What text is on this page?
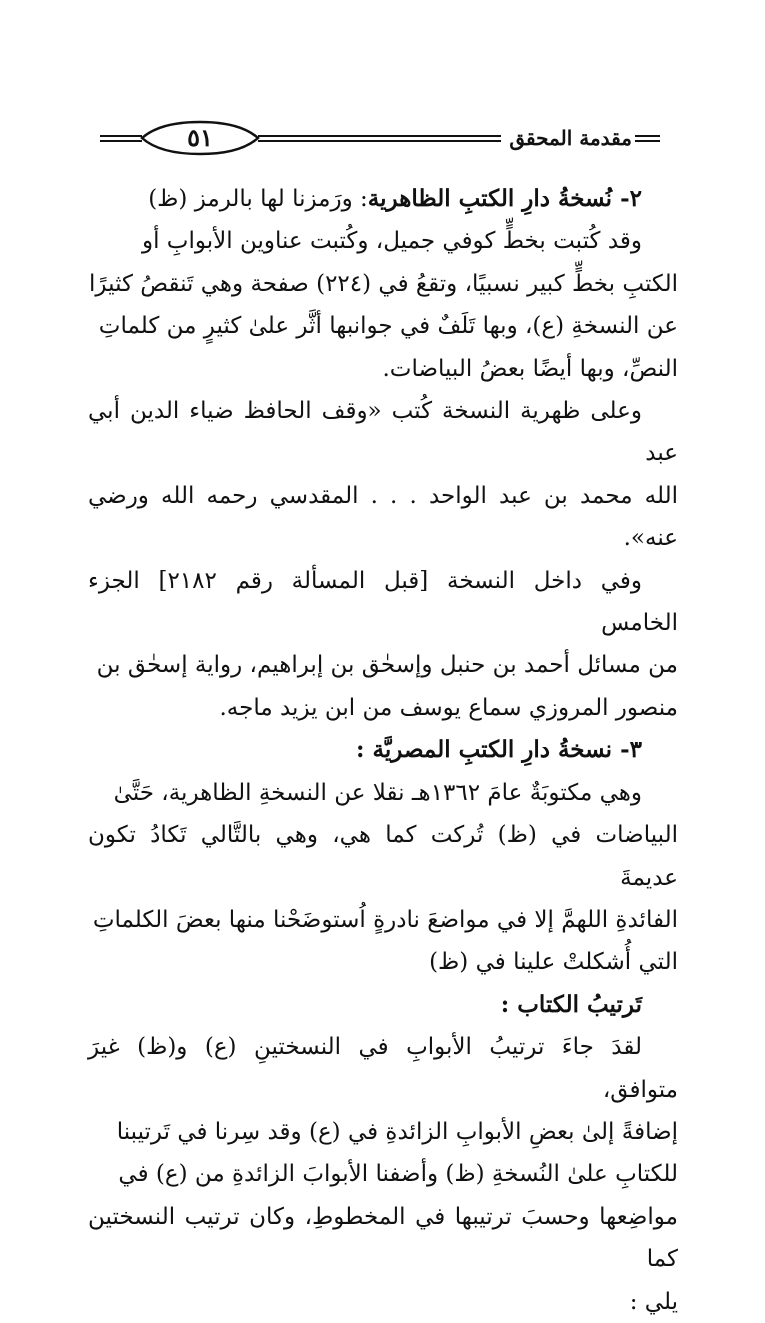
٥١	مقدمة المحقق

٢- نُسخةُ دارِ الكتبِ الظاهرية: ورَمزنا لها بالرمز (ظ)

وقد كُتبت بخطٍّ كوفي جميل، وكُتبت عناوين الأبوابِ أو
الكتبِ بخطٍّ كبير نسبيًا، وتقعُ في (٢٢٤) صفحة وهي تَنقصُ كثيرًا
عن النسخةِ (ع)، وبها تَلَفٌ في جوانبها أثَّر علىٰ كثيرٍ من كلماتِ
النصِّ، وبها أيضًا بعضُ البياضات.
وعلى ظهرية النسخة كُتب «وقف الحافظ ضياء الدين أبي عبد
الله محمد بن عبد الواحد . . . المقدسي رحمه الله ورضي عنه».
وفي داخل النسخة [قبل المسألة رقم ٢١٨٢] الجزء الخامس
من مسائل أحمد بن حنبل وإسحٰق بن إبراهيم، رواية إسحٰق بن
منصور المروزي سماع يوسف من ابن يزيد ماجه.

٣- نسخةُ دارِ الكتبِ المصريَّة :

وهي مكتوبَةٌ عامَ ١٣٦٢هـ نقلا عن النسخةِ الظاهرية، حَتَّىٰ
البياضات في (ظ) تُركت كما هي، وهي بالتَّالي تَكادُ تكون عديمةَ
الفائدةِ اللهمَّ إلا في مواضعَ نادرةٍ اُستوضَحْنا منها بعضَ الكلماتِ
التي أُشكلتْ علينا في (ظ)

تَرتيبُ الكتاب :

لقدَ جاءَ ترتيبُ الأبوابِ في النسختينِ (ع) و(ظ) غيرَ متوافق،
إضافةً إلىٰ بعضِ الأبوابِ الزائدةِ في (ع) وقد سِرنا في تَرتيبنا
للكتابِ علىٰ النُسخةِ (ظ) وأضفنا الأبوابَ الزائدةِ من (ع) في
مواضِعها وحسبَ ترتيبها في المخطوطِ، وكان ترتيب النسختين كما
يلي :
